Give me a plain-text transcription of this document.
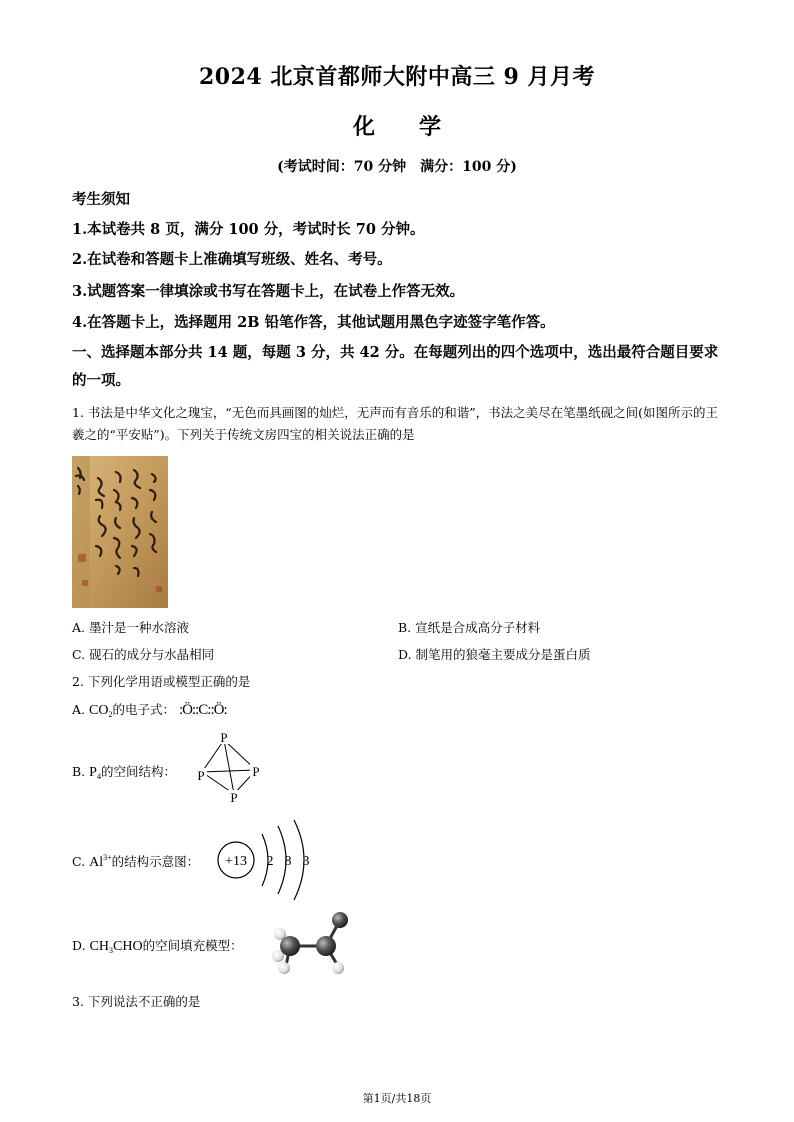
2024 北京首都师大附中高三 9 月月考
化　　学
(考试时间：70 分钟　满分：100 分)
考生须知
1.本试卷共 8 页，满分 100 分，考试时长 70 分钟。
2.在试卷和答题卡上准确填写班级、姓名、考号。
3.试题答案一律填涂或书写在答题卡上，在试卷上作答无效。
4.在答题卡上，选择题用 2B 铅笔作答，其他试题用黑色字迹签字笔作答。
一、选择题本部分共 14 题，每题 3 分，共 42 分。在每题列出的四个选项中，选出最符合题目要求的一项。
1. 书法是中华文化之瑰宝，“无色而具画图的灿烂，无声而有音乐的和谐”，书法之美尽在笔墨纸砚之间(如图所示的王羲之的“平安贴”)。下列关于传统文房四宝的相关说法正确的是
A. 墨汁是一种水溶液	B. 宣纸是合成高分子材料
C. 砚石的成分与水晶相同	D. 制笔用的狼毫主要成分是蛋白质
2. 下列化学用语或模型正确的是
A. $CO_2$的电子式： :Ö::C::Ö:
B. $P_4$的空间结构：
P
P	P
P
C. $Al^{3+}$的结构示意图： +13 2 8 3
D. $CH_3CHO$的空间填充模型：
3. 下列说法不正确的是
第1页/共18页
